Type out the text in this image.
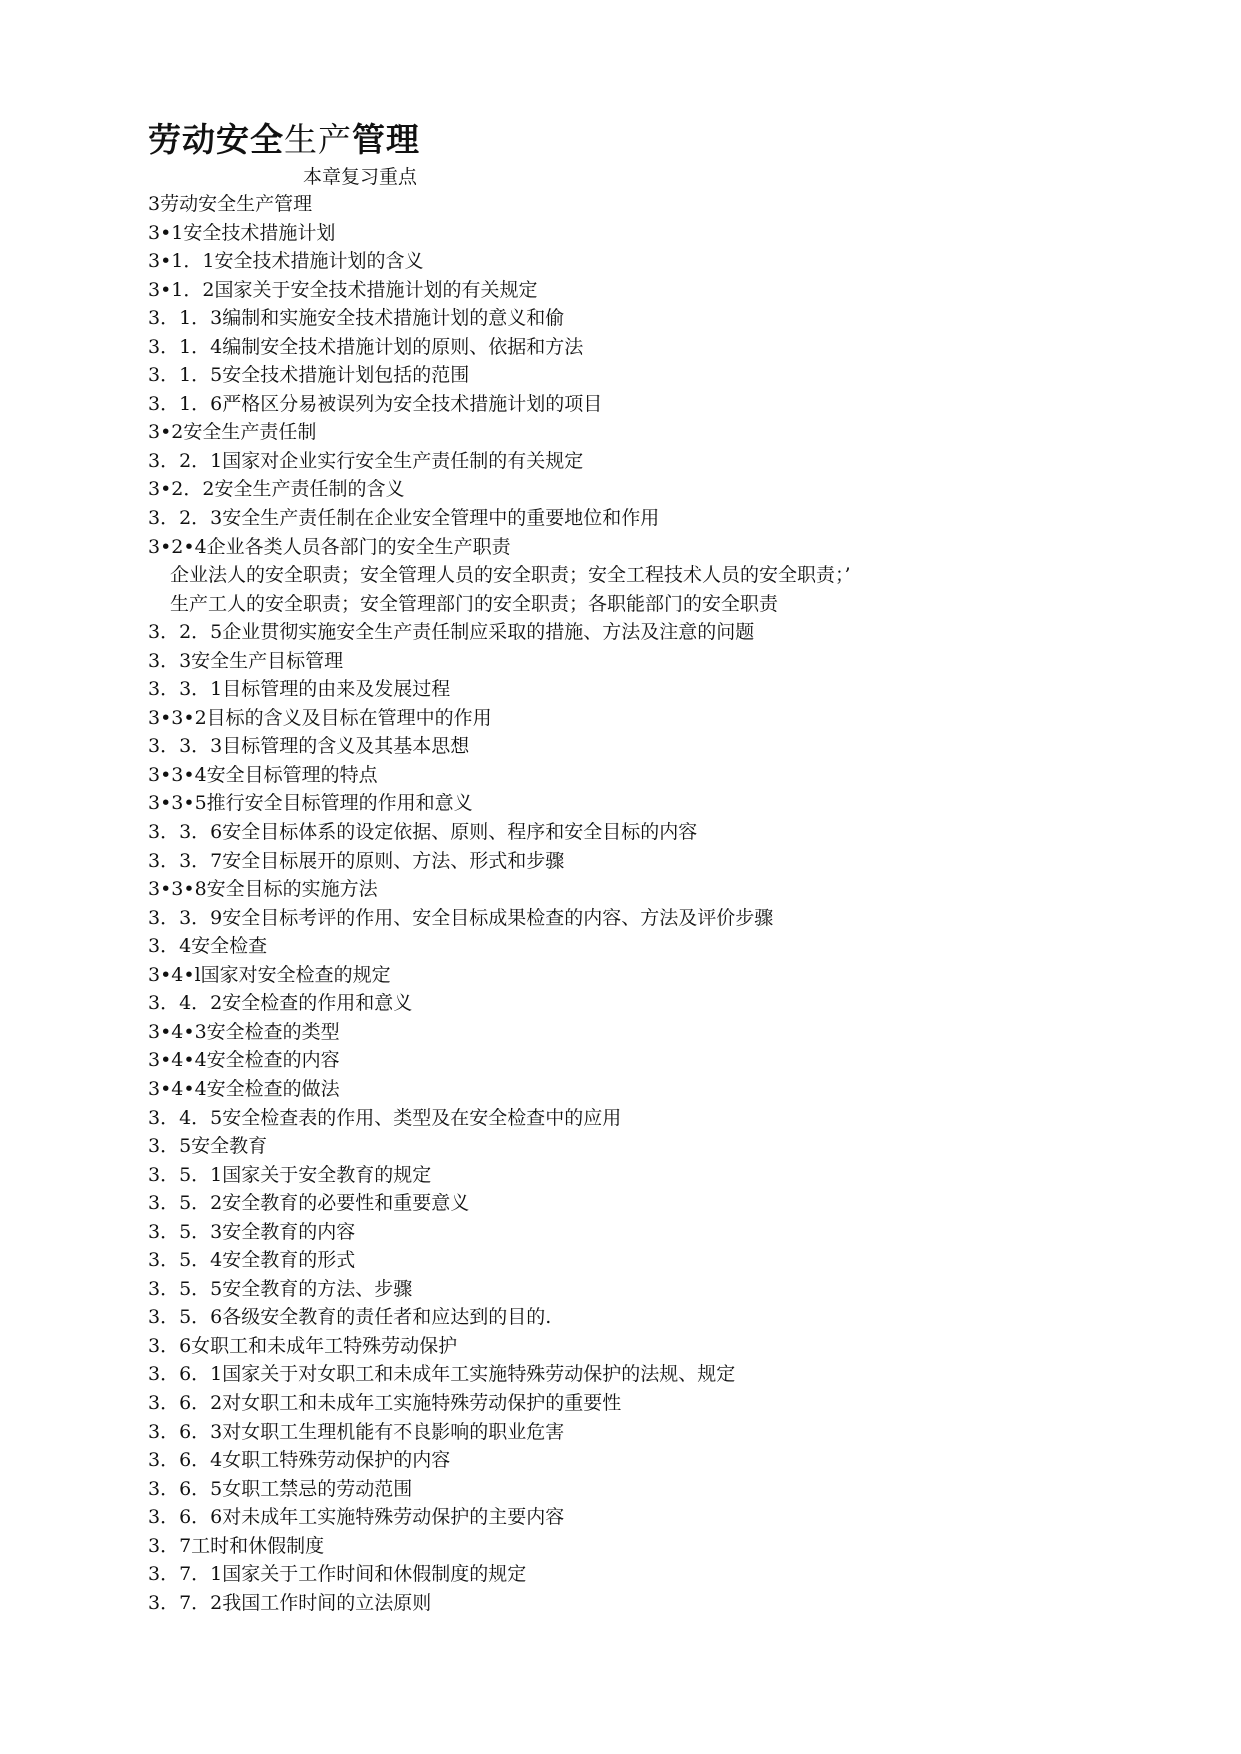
劳动安全生产管理
本章复习重点
3劳动安全生产管理
3•1安全技术措施计划
3•1．1安全技术措施计划的含义
3•1．2国家关于安全技术措施计划的有关规定
3．1．3编制和实施安全技术措施计划的意义和偷
3．1．4编制安全技术措施计划的原则、依据和方法
3．1．5安全技术措施计划包括的范围
3．1．6严格区分易被误列为安全技术措施计划的项目
3•2安全生产责任制
3．2．1国家对企业实行安全生产责任制的有关规定
3•2．2安全生产责任制的含义
3．2．3安全生产责任制在企业安全管理中的重要地位和作用
3•2•4企业各类人员各部门的安全生产职责
企业法人的安全职责；安全管理人员的安全职责；安全工程技术人员的安全职责；’
生产工人的安全职责；安全管理部门的安全职责；各职能部门的安全职责
3．2．5企业贯彻实施安全生产责任制应采取的措施、方法及注意的问题
3．3安全生产目标管理
3．3．1目标管理的由来及发展过程
3•3•2目标的含义及目标在管理中的作用
3．3．3目标管理的含义及其基本思想
3•3•4安全目标管理的特点
3•3•5推行安全目标管理的作用和意义
3．3．6安全目标体系的设定依据、原则、程序和安全目标的内容
3．3．7安全目标展开的原则、方法、形式和步骤
3•3•8安全目标的实施方法
3．3．9安全目标考评的作用、安全目标成果检查的内容、方法及评价步骤
3．4安全检查
3•4•l国家对安全检查的规定
3．4．2安全检查的作用和意义
3•4•3安全检查的类型
3•4•4安全检查的内容
3•4•4安全检查的做法
3．4．5安全检查表的作用、类型及在安全检查中的应用
3．5安全教育
3．5．1国家关于安全教育的规定
3．5．2安全教育的必要性和重要意义
3．5．3安全教育的内容
3．5．4安全教育的形式
3．5．5安全教育的方法、步骤
3．5．6各级安全教育的责任者和应达到的目的.
3．6女职工和未成年工特殊劳动保护
3．6．1国家关于对女职工和未成年工实施特殊劳动保护的法规、规定
3．6．2对女职工和未成年工实施特殊劳动保护的重要性
3．6．3对女职工生理机能有不良影响的职业危害
3．6．4女职工特殊劳动保护的内容
3．6．5女职工禁忌的劳动范围
3．6．6对未成年工实施特殊劳动保护的主要内容
3．7工时和休假制度
3．7．1国家关于工作时间和休假制度的规定
3．7．2我国工作时间的立法原则
